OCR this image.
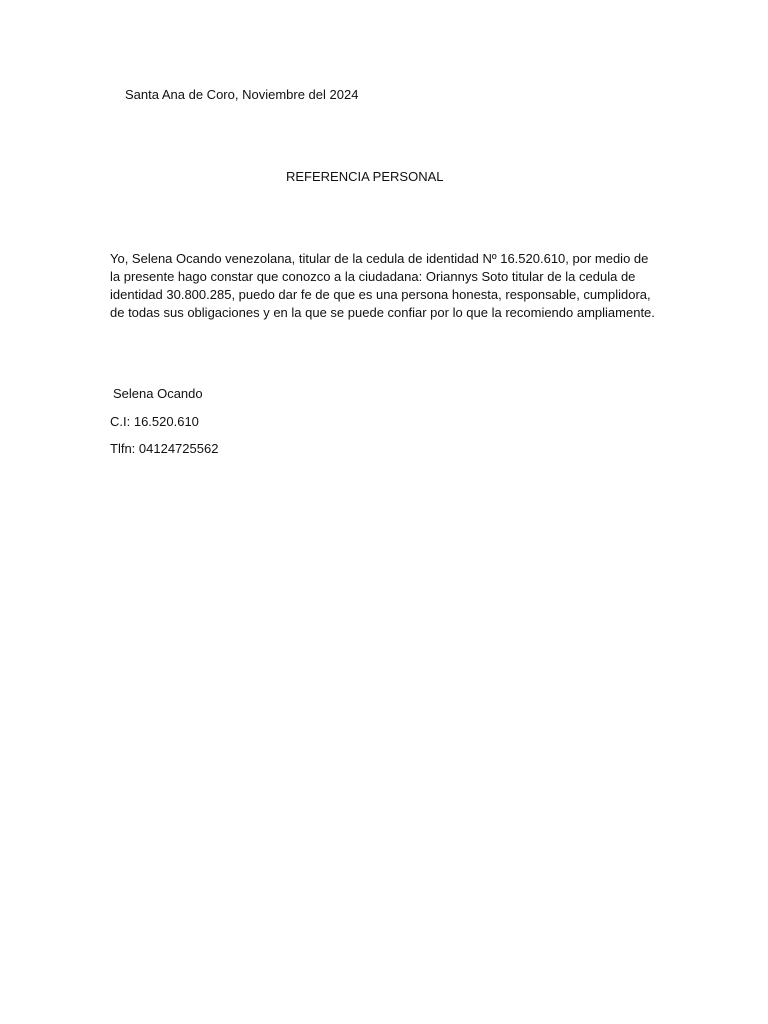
Santa Ana de Coro, Noviembre del 2024
REFERENCIA PERSONAL
Yo, Selena Ocando venezolana, titular de la cedula de identidad Nº 16.520.610, por medio de la presente hago constar que conozco a la ciudadana: Oriannys Soto titular de la cedula de identidad 30.800.285, puedo dar fe de que es una persona honesta, responsable, cumplidora, de todas sus obligaciones y en la que se puede confiar por lo que la recomiendo ampliamente.
Selena Ocando
C.I: 16.520.610
Tlfn: 04124725562
